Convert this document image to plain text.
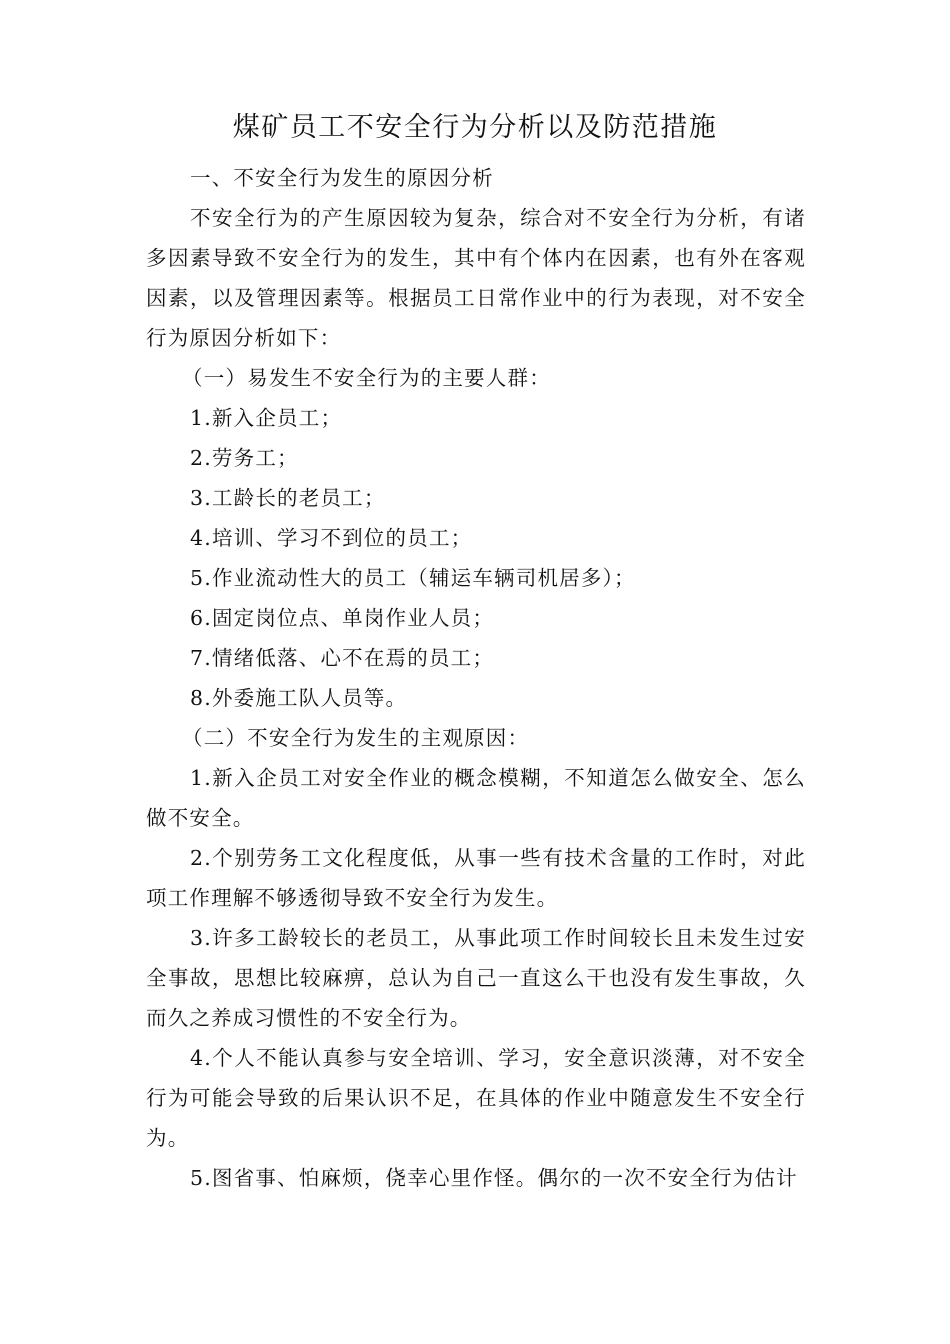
煤矿员工不安全行为分析以及防范措施

一、不安全行为发生的原因分析

不安全行为的产生原因较为复杂，综合对不安全行为分析，有诸多因素导致不安全行为的发生，其中有个体内在因素，也有外在客观因素，以及管理因素等。根据员工日常作业中的行为表现，对不安全行为原因分析如下：

（一）易发生不安全行为的主要人群：

1.新入企员工；

2.劳务工；

3.工龄长的老员工；

4.培训、学习不到位的员工；

5.作业流动性大的员工（辅运车辆司机居多）；

6.固定岗位点、单岗作业人员；

7.情绪低落、心不在焉的员工；

8.外委施工队人员等。

（二）不安全行为发生的主观原因：

1.新入企员工对安全作业的概念模糊，不知道怎么做安全、怎么做不安全。

2.个别劳务工文化程度低，从事一些有技术含量的工作时，对此项工作理解不够透彻导致不安全行为发生。

3.许多工龄较长的老员工，从事此项工作时间较长且未发生过安全事故，思想比较麻痹，总认为自己一直这么干也没有发生事故，久而久之养成习惯性的不安全行为。

4.个人不能认真参与安全培训、学习，安全意识淡薄，对不安全行为可能会导致的后果认识不足，在具体的作业中随意发生不安全行为。

5.图省事、怕麻烦，侥幸心里作怪。偶尔的一次不安全行为估计
